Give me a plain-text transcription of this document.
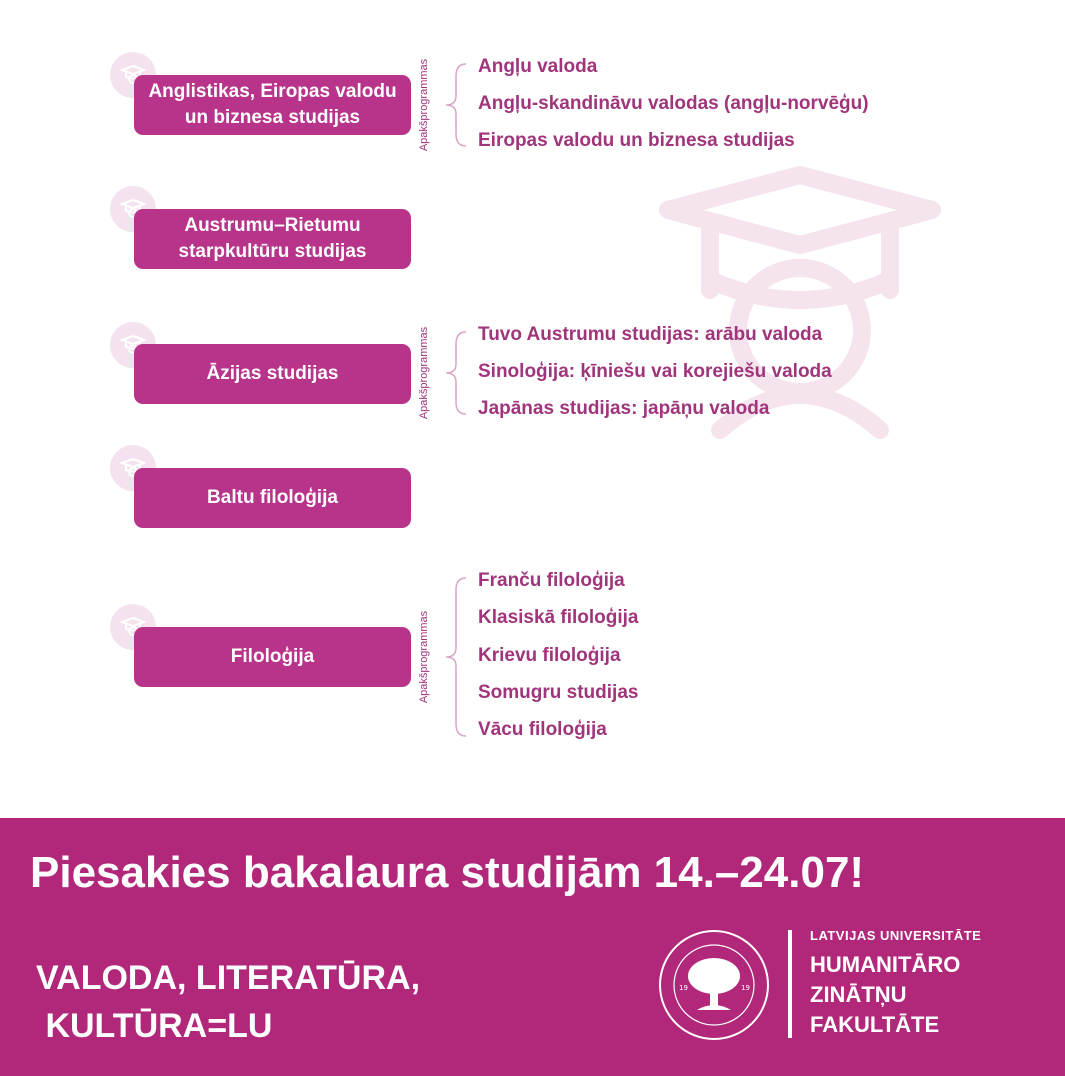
Anglistikas, Eiropas valodu un biznesa studijas	Apakšprogrammas	Angļu valoda
Angļu-skandināvu valodas (angļu-norvēģu)
Eiropas valodu un biznesa studijas
Austrumu–Rietumu starpkultūru studijas
Āzijas studijas	Apakšprogrammas	Tuvo Austrumu studijas: arābu valoda
Sinoloģija: ķīniešu vai korejiešu valoda
Japānas studijas: japāņu valoda
Baltu filoloģija
Filoloģija	Apakšprogrammas
Franču filoloģija
Klasiskā filoloģija
Krievu filoloģija
Somugru studijas
Vācu filoloģija
Piesakies bakalaura studijām 14.–24.07!
VALODA, LITERATŪRA,
KULTŪRA=LU
19	19
LATVIJAS UNIVERSITĀTE
HUMANITĀRO
ZINĀTŅU
FAKULTĀTE
